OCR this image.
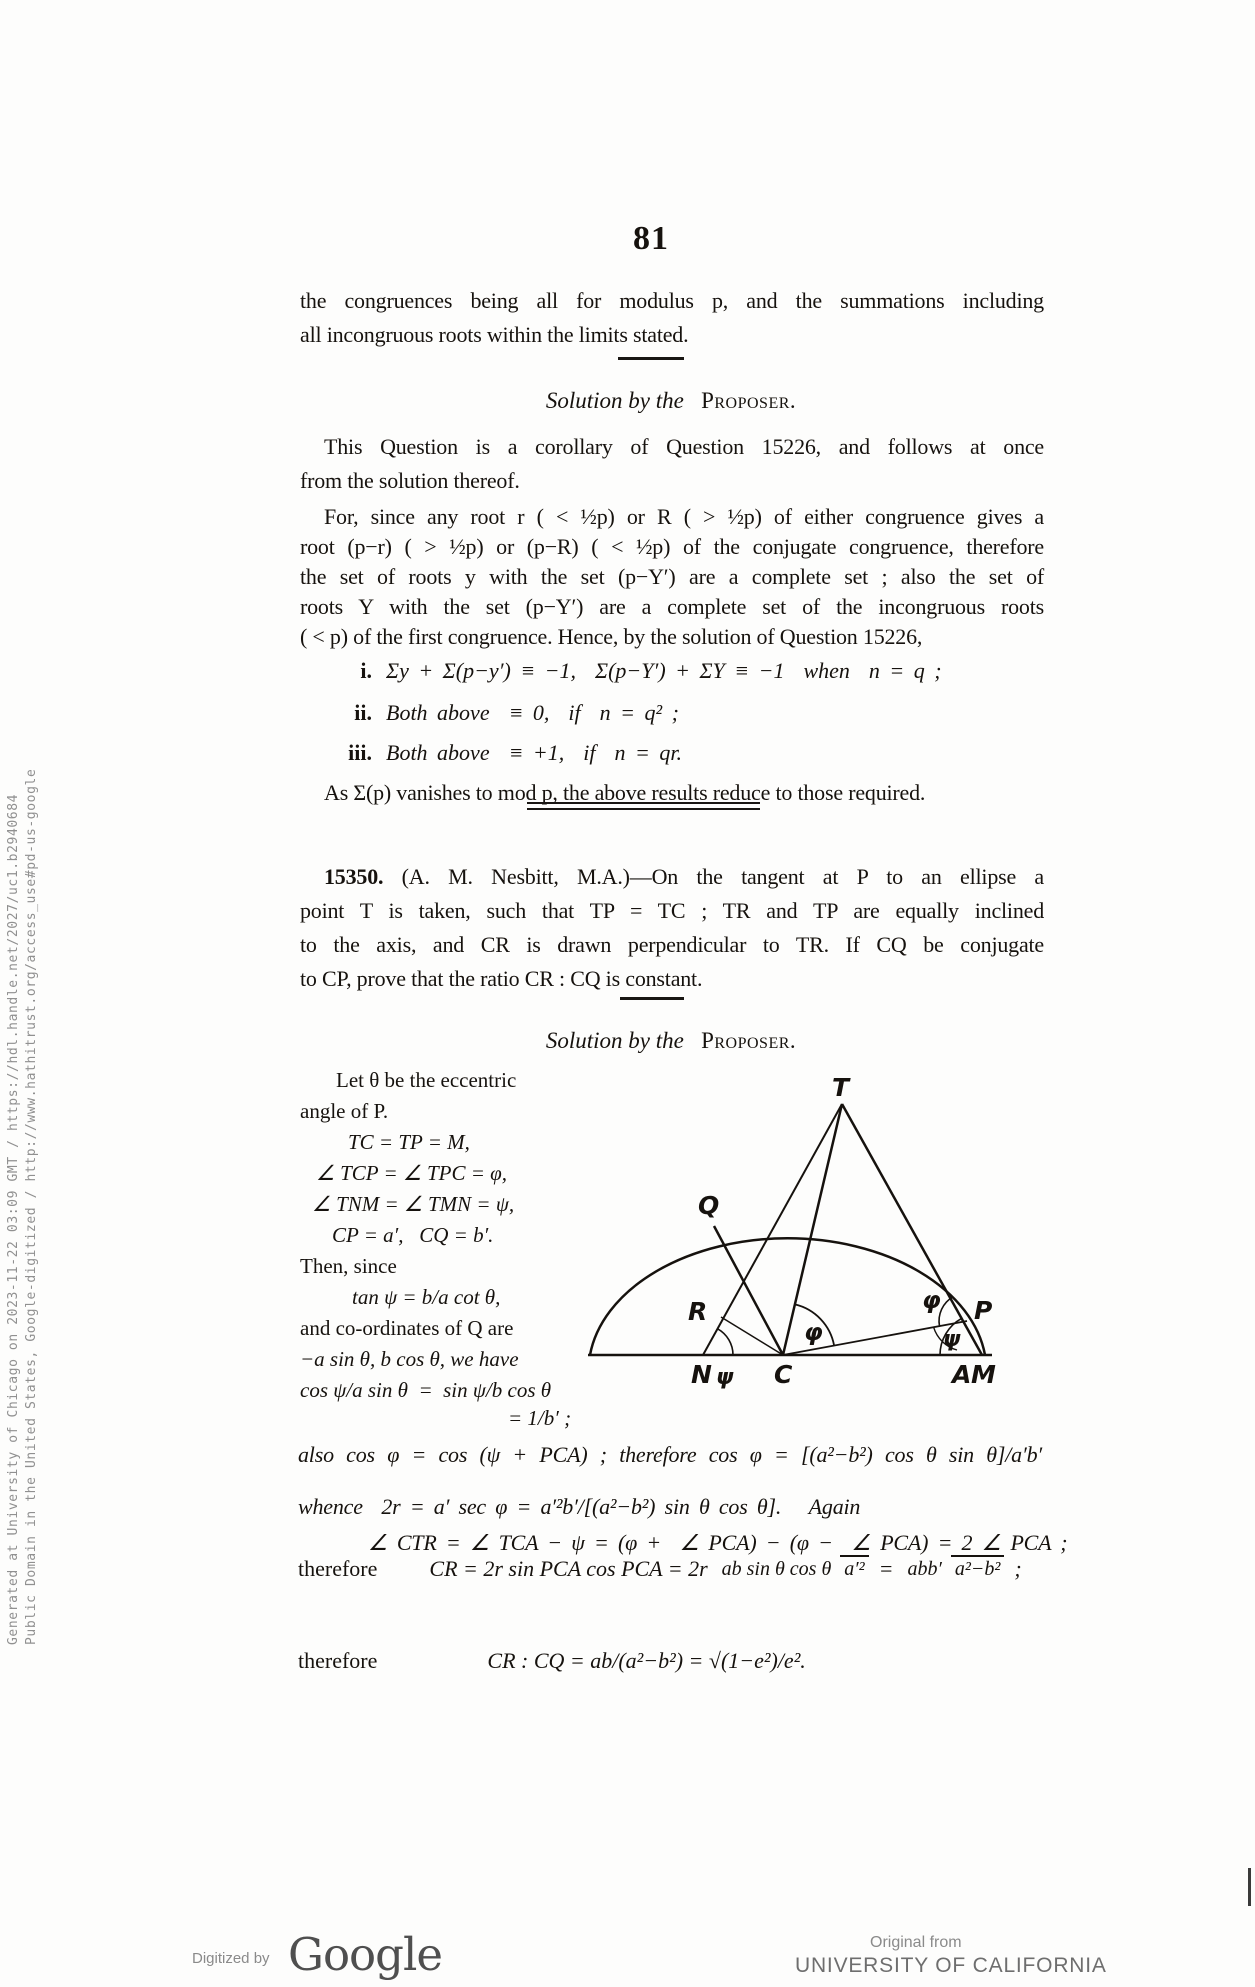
Generated at University of Chicago on 2023-11-22 03:09 GMT / https://hdl.handle.net/2027/uc1.b2940684 Public Domain in the United States, Google-digitized / http://www.hathitrust.org/access_use#pd-us-google
81
the congruences being all for modulus p, and the summations including
all incongruous roots within the limits stated.
Solution by the Proposer.
This Question is a corollary of Question 15226, and follows at once
from the solution thereof.
For, since any root r ( < ½p) or R ( > ½p) of either congruence gives a
root (p−r) ( > ½p) or (p−R) ( < ½p) of the conjugate congruence, therefore
the set of roots y with the set (p−Y′) are a complete set ; also the set of
roots Y with the set (p−Y′) are a complete set of the incongruous roots
( < p) of the first congruence. Hence, by the solution of Question 15226,
i. Σy + Σ(p−y′) ≡ −1,  Σ(p−Y′) + ΣY ≡ −1  when  n = q ;
ii. Both above  ≡ 0,  if  n = q² ;
iii. Both above  ≡ +1,  if  n = qr.
As Σ(p) vanishes to mod p, the above results reduce to those required.
15350. (A. M. Nesbitt, M.A.)—On the tangent at P to an ellipse a
point T is taken, such that TP = TC ; TR and TP are equally inclined
to the axis, and CR is drawn perpendicular to TR. If CQ be conjugate
to CP, prove that the ratio CR : CQ is constant.
Solution by the Proposer.
Let θ be the eccentric
angle of P.
TC = TP = M,
∠ TCP = ∠ TPC = φ,
∠ TNM = ∠ TMN = ψ,
CP = a′,   CQ = b′.
Then, since
tan ψ = b/a cot θ,
and co-ordinates of Q are
−a sin θ, b cos θ, we have
cos ψ/a sin θ  =  sin ψ/b cos θ
= 1/b′ ;
T
Q
R
φ
φ
ψ
P
N ψ C	A M
also cos φ = cos (ψ + PCA) ; therefore cos φ = [(a²−b²) cos θ sin θ]/a′b′
whence  2r = a′ sec φ = a′²b′/[(a²−b²) sin θ cos θ].   Again
∠ CTR = ∠ TCA − ψ = (φ +  ∠ PCA) − (φ −  ∠ PCA) = 2 ∠ PCA ;
therefore CR = 2r sin PCA cos PCA = 2r ab sin θ cos θ a′² = abb′ a²−b² ;
therefore	CR : CQ = ab/(a²−b²) = √(1−e²)/e².
Digitized by Google	Original from
UNIVERSITY OF CALIFORNIA
